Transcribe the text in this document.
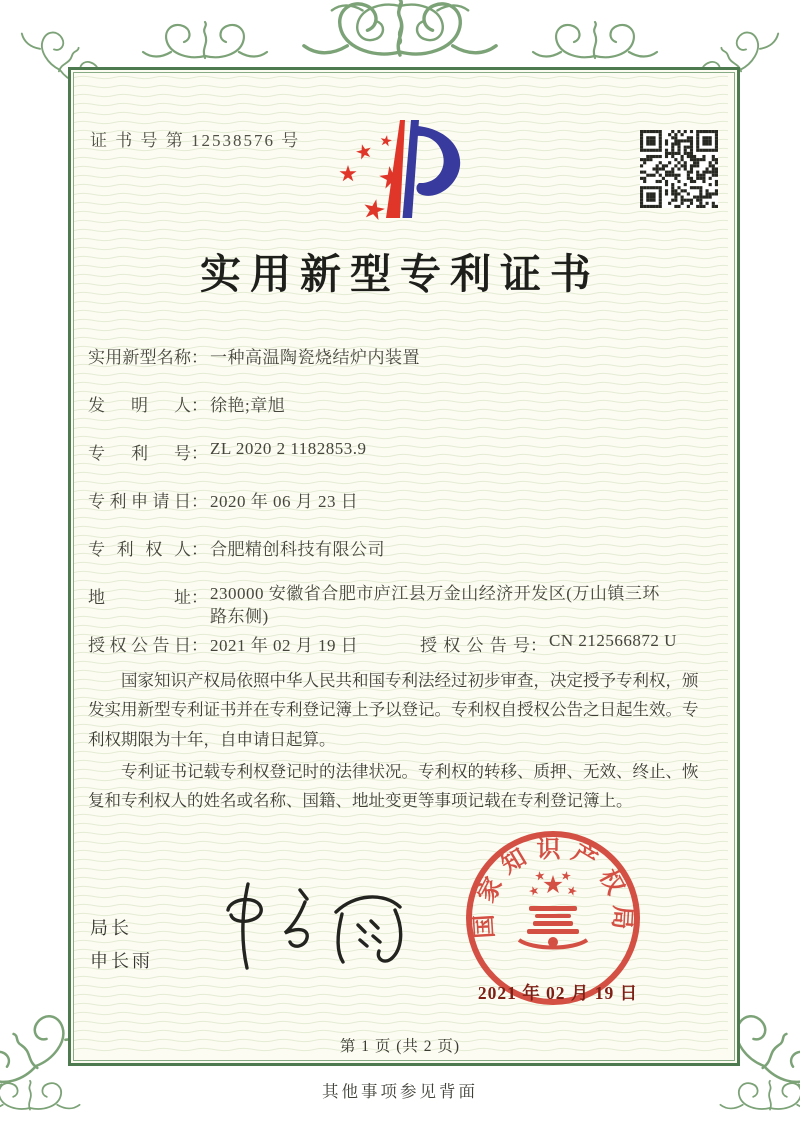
证 书 号 第 12538576 号
实用新型专利证书
实用新型名称： 一种高温陶瓷烧结炉内装置
发明人： 徐艳;章旭
专利号： ZL 2020 2 1182853.9
专利申请日： 2020 年 06 月 23 日
专利权人： 合肥精创科技有限公司
地址： 230000 安徽省合肥市庐江县万金山经济开发区(万山镇三环路东侧)
授权公告日： 2021 年 02 月 19 日	授权公告号： CN 212566872 U

国家知识产权局依照中华人民共和国专利法经过初步审查，决定授予专利权，颁发实用新型专利证书并在专利登记簿上予以登记。专利权自授权公告之日起生效。专利权期限为十年，自申请日起算。

专利证书记载专利权登记时的法律状况。专利权的转移、质押、无效、终止、恢复和专利权人的姓名或名称、国籍、地址变更等事项记载在专利登记簿上。

局长
申长雨
国家知识产权局
2021 年 02 月 19 日
第 1 页 (共 2 页)
其他事项参见背面
